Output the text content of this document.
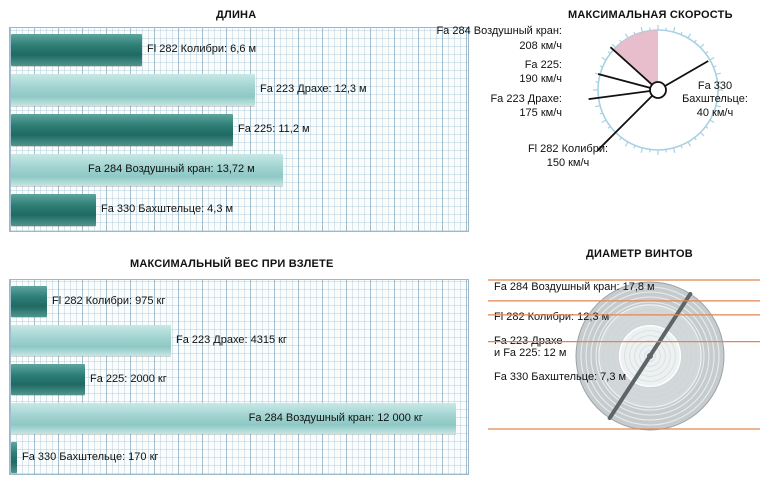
ДЛИНА
Fl 282 Колибри: 6,6 м
Fa 223 Драхе: 12,3 м
Fa 225: 11,2 м
Fa 284 Воздушный кран: 13,72 м
Fa 330 Бахштельце: 4,3 м
МАКСИМАЛЬНЫЙ ВЕС ПРИ ВЗЛЕТЕ
Fl 282 Колибри: 975 кг
Fa 223 Драхе: 4315 кг
Fa 225: 2000 кг
Fa 284 Воздушный кран: 12 000 кг
Fa 330 Бахштельце: 170 кг
МАКСИМАЛЬНАЯ СКОРОСТЬ
Fa 284 Воздушный кран:
208 км/ч
Fa 225:
190 км/ч
Fa 223 Драхе:
175 км/ч
Fl 282 Колибри:
150 км/ч
Fa 330
Бахштельце:
40 км/ч
ДИАМЕТР ВИНТОВ
Fa 284 Воздушный кран: 17,8 м
Fl 282 Колибри: 12,3 м
Fa 223 Драхе
и Fa 225: 12 м
Fa 330 Бахштельце: 7,3 м
